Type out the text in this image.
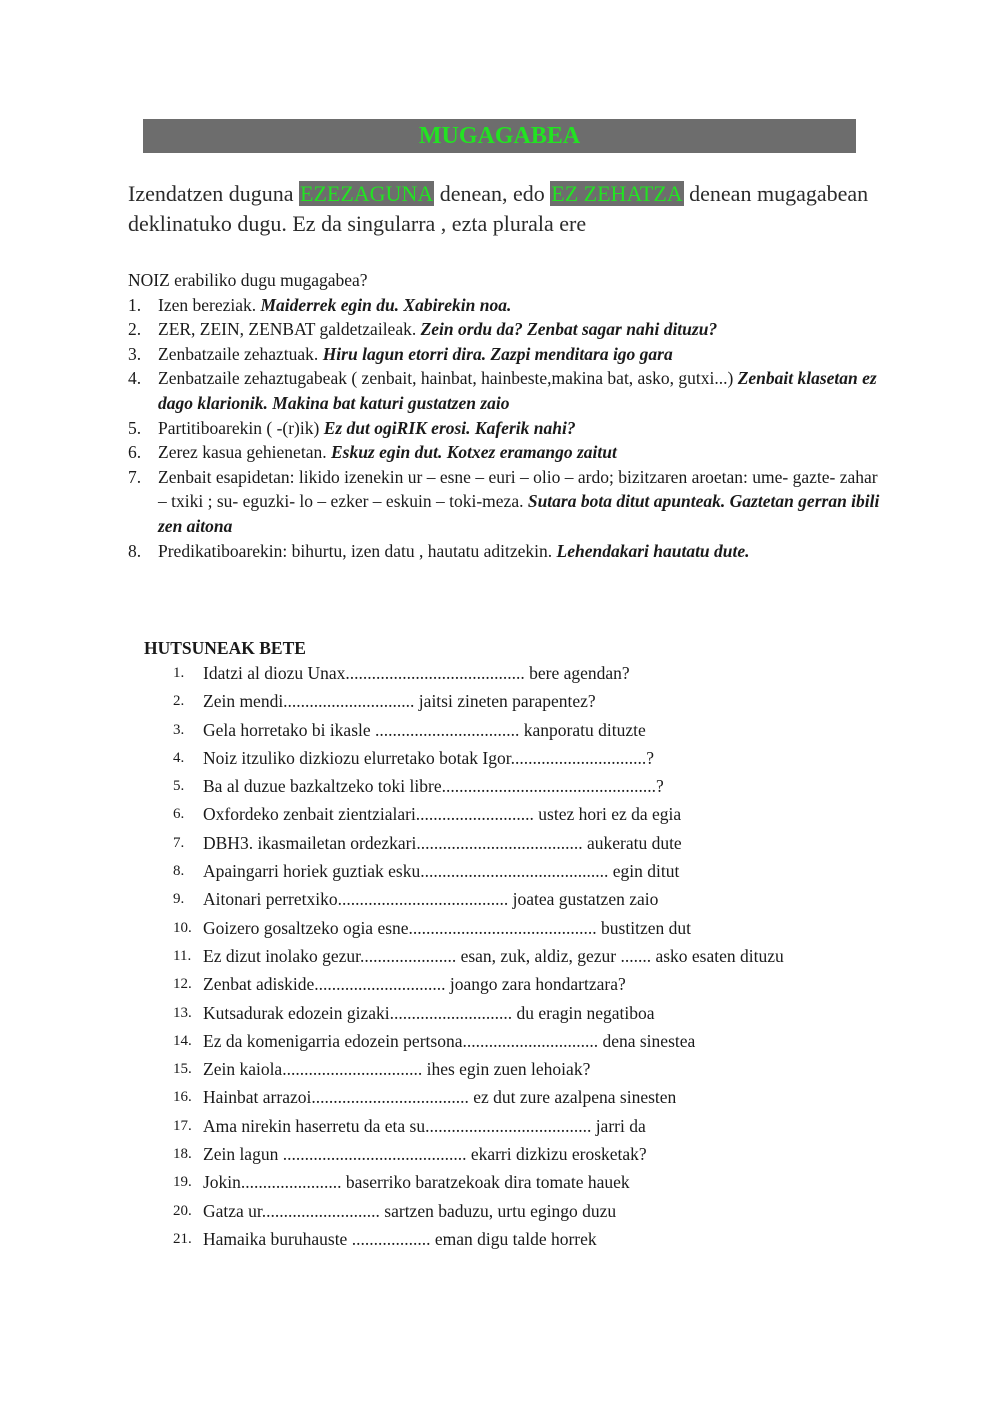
MUGAGABEA
Izendatzen duguna EZEZAGUNA denean, edo EZ ZEHATZA denean mugagabean deklinatuko dugu. Ez da singularra , ezta plurala ere
NOIZ erabiliko dugu mugagabea?
1. Izen bereziak. Maiderrek egin du. Xabirekin noa.
2. ZER, ZEIN, ZENBAT galdetzaileak. Zein ordu da? Zenbat sagar nahi dituzu?
3. Zenbatzaile zehaztuak. Hiru lagun etorri dira. Zazpi menditara igo gara
4. Zenbatzaile zehaztugabeak ( zenbait, hainbat, hainbeste,makina bat, asko, gutxi...) Zenbait klasetan ez dago klarionik. Makina bat katuri gustatzen zaio
5. Partitiboarekin ( -(r)ik) Ez dut ogiRIK erosi. Kaferik nahi?
6. Zerez kasua gehienetan. Eskuz egin dut. Kotxez eramango zaitut
7. Zenbait esapidetan: likido izenekin ur – esne – euri – olio – ardo; bizitzaren aroetan: ume- gazte- zahar – txiki ; su- eguzki- lo – ezker – eskuin – toki-meza. Sutara bota ditut apunteak. Gaztetan gerran ibili zen aitona
8. Predikatiboarekin: bihurtu, izen datu , hautatu aditzekin. Lehendakari hautatu dute.
HUTSUNEAK BETE
1. Idatzi al diozu Unax......................................... bere agendan?
2. Zein mendi.............................. jaitsi zineten parapentez?
3. Gela horretako bi ikasle ................................. kanporatu dituzte
4. Noiz itzuliko dizkiozu elurretako botak Igor...............................?
5. Ba al duzue bazkaltzeko toki libre.................................................?
6. Oxfordeko zenbait zientzialari........................... ustez hori ez da egia
7. DBH3. ikasmailetan ordezkari...................................... aukeratu dute
8. Apaingarri horiek guztiak esku........................................... egin ditut
9. Aitonari perretxiko....................................... joatea gustatzen zaio
10. Goizero gosaltzeko ogia esne........................................... bustitzen dut
11. Ez dizut inolako gezur...................... esan, zuk, aldiz, gezur ....... asko esaten dituzu
12. Zenbat adiskide.............................. joango zara hondartzara?
13. Kutsadurak edozein gizaki............................ du eragin negatiboa
14. Ez da komenigarria edozein pertsona............................... dena sinestea
15. Zein kaiola................................ ihes egin zuen lehoiak?
16. Hainbat arrazoi.................................... ez dut zure azalpena sinesten
17. Ama nirekin haserretu da eta su...................................... jarri da
18. Zein lagun .......................................... ekarri dizkizu erosketak?
19. Jokin....................... baserriko baratzekoak dira tomate hauek
20. Gatza ur........................... sartzen baduzu, urtu egingo duzu
21. Hamaika buruhauste .................. eman digu talde horrek
